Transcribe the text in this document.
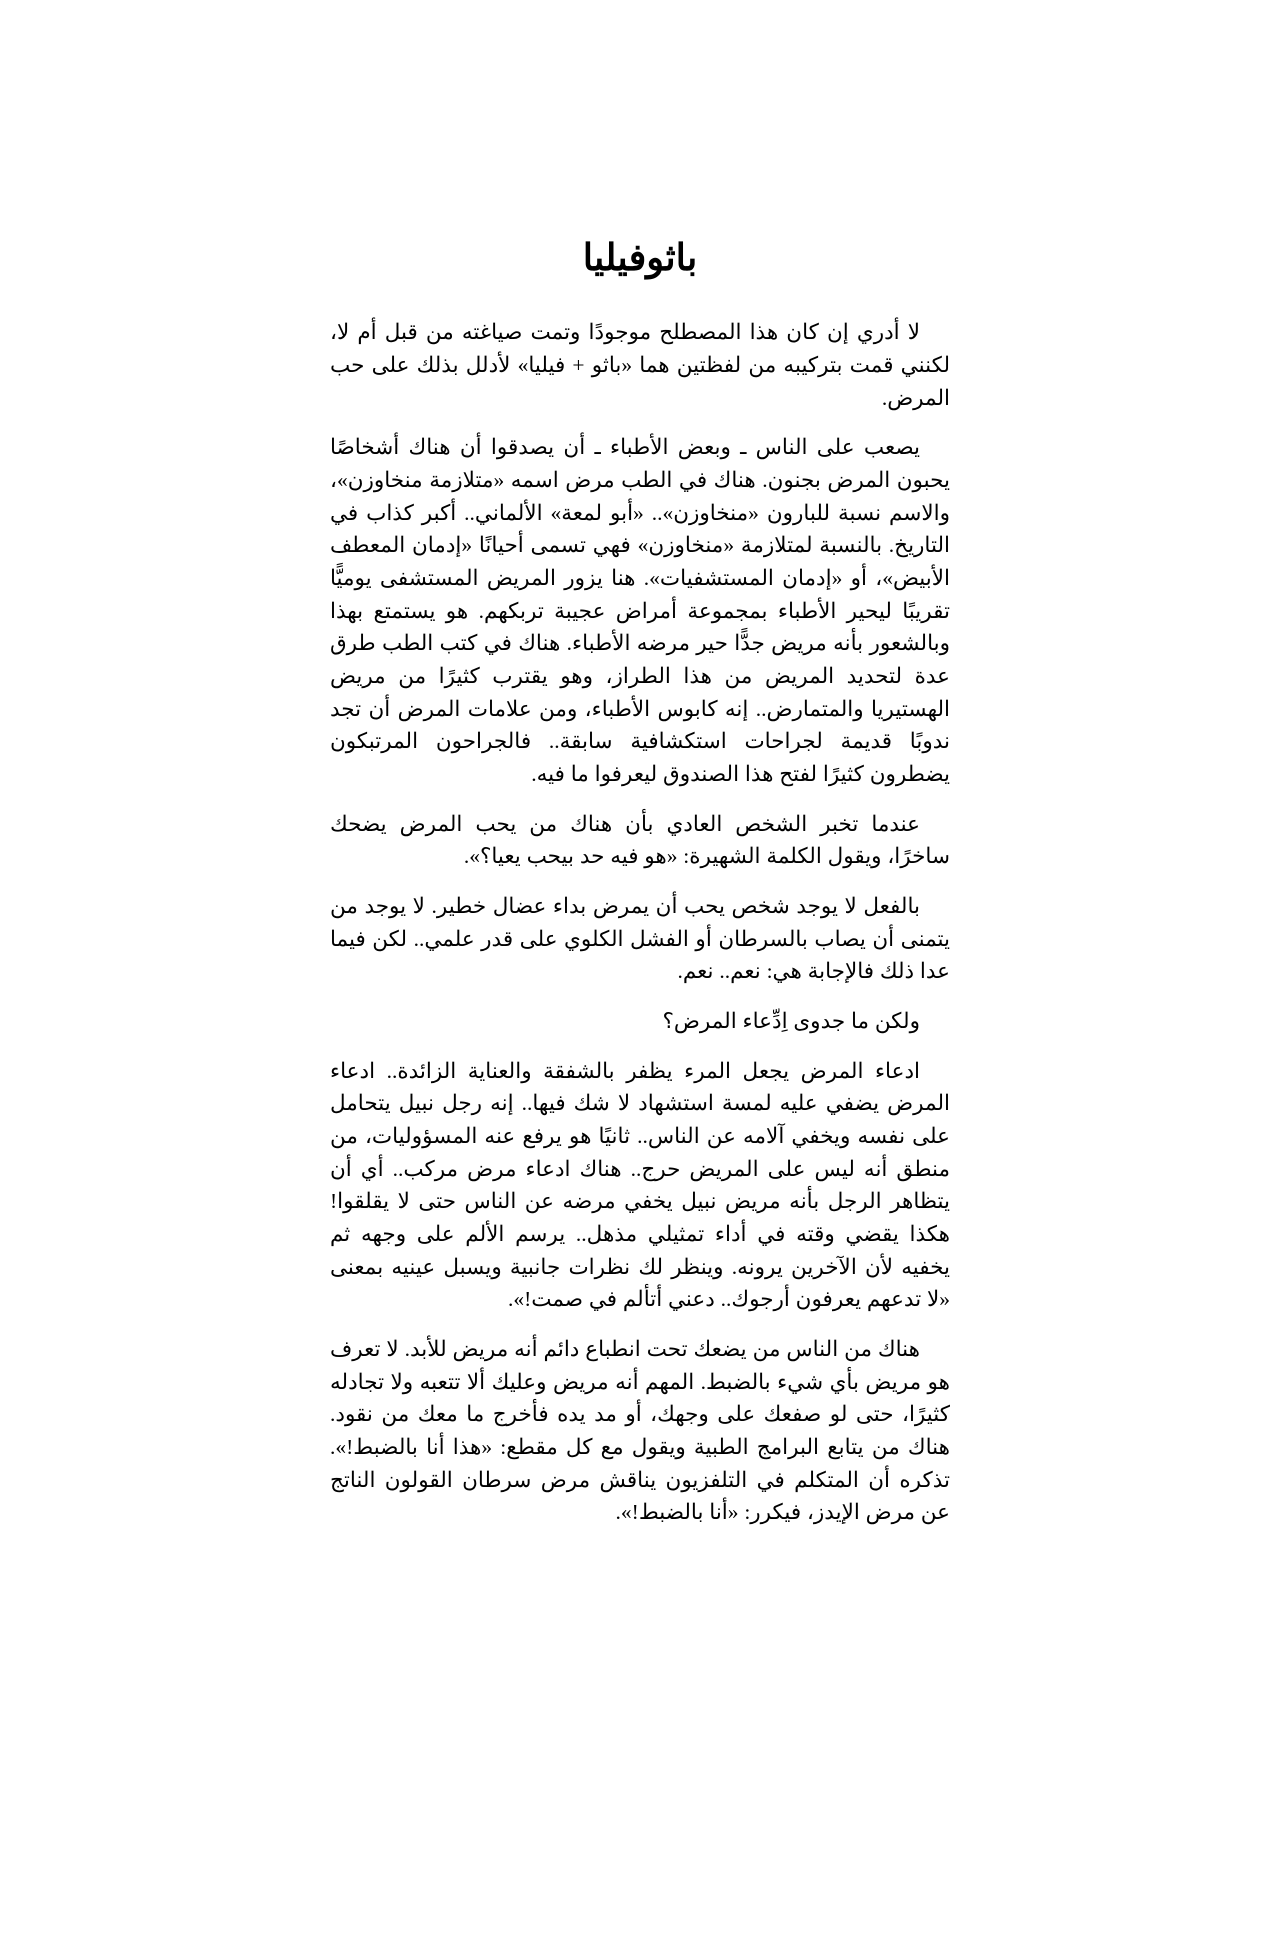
باثوفيليا

لا أدري إن كان هذا المصطلح موجودًا وتمت صياغته من قبل أم لا، لكنني قمت بتركيبه من لفظتين هما «باثو + فيليا» لأدلل بذلك على حب المرض.

يصعب على الناس ـ وبعض الأطباء ـ أن يصدقوا أن هناك أشخاصًا يحبون المرض بجنون. هناك في الطب مرض اسمه «متلازمة منخاوزن»، والاسم نسبة للبارون «منخاوزن».. «أبو لمعة» الألماني.. أكبر كذاب في التاريخ. بالنسبة لمتلازمة «منخاوزن» فهي تسمى أحيانًا «إدمان المعطف الأبيض»، أو «إدمان المستشفيات». هنا يزور المريض المستشفى يوميًّا تقريبًا ليحير الأطباء بمجموعة أمراض عجيبة تربكهم. هو يستمتع بهذا وبالشعور بأنه مريض جدًّا حير مرضه الأطباء. هناك في كتب الطب طرق عدة لتحديد المريض من هذا الطراز، وهو يقترب كثيرًا من مريض الهستيريا والمتمارض.. إنه كابوس الأطباء، ومن علامات المرض أن تجد ندوبًا قديمة لجراحات استكشافية سابقة.. فالجراحون المرتبكون يضطرون كثيرًا لفتح هذا الصندوق ليعرفوا ما فيه.

عندما تخبر الشخص العادي بأن هناك من يحب المرض يضحك ساخرًا، ويقول الكلمة الشهيرة: «هو فيه حد بيحب يعيا؟».

بالفعل لا يوجد شخص يحب أن يمرض بداء عضال خطير. لا يوجد من يتمنى أن يصاب بالسرطان أو الفشل الكلوي على قدر علمي.. لكن فيما عدا ذلك فالإجابة هي: نعم.. نعم.

ولكن ما جدوى اِدِّعاء المرض؟

ادعاء المرض يجعل المرء يظفر بالشفقة والعناية الزائدة.. ادعاء المرض يضفي عليه لمسة استشهاد لا شك فيها.. إنه رجل نبيل يتحامل على نفسه ويخفي آلامه عن الناس.. ثانيًا هو يرفع عنه المسؤوليات، من منطق أنه ليس على المريض حرج.. هناك ادعاء مرض مركب.. أي أن يتظاهر الرجل بأنه مريض نبيل يخفي مرضه عن الناس حتى لا يقلقوا! هكذا يقضي وقته في أداء تمثيلي مذهل.. يرسم الألم على وجهه ثم يخفيه لأن الآخرين يرونه. وينظر لك نظرات جانبية ويسبل عينيه بمعنى «لا تدعهم يعرفون أرجوك.. دعني أتألم في صمت!».

هناك من الناس من يضعك تحت انطباع دائم أنه مريض للأبد. لا تعرف هو مريض بأي شيء بالضبط. المهم أنه مريض وعليك ألا تتعبه ولا تجادله كثيرًا، حتى لو صفعك على وجهك، أو مد يده فأخرج ما معك من نقود. هناك من يتابع البرامج الطبية ويقول مع كل مقطع: «هذا أنا بالضبط!». تذكره أن المتكلم في التلفزيون يناقش مرض سرطان القولون الناتج عن مرض الإيدز، فيكرر: «أنا بالضبط!».
